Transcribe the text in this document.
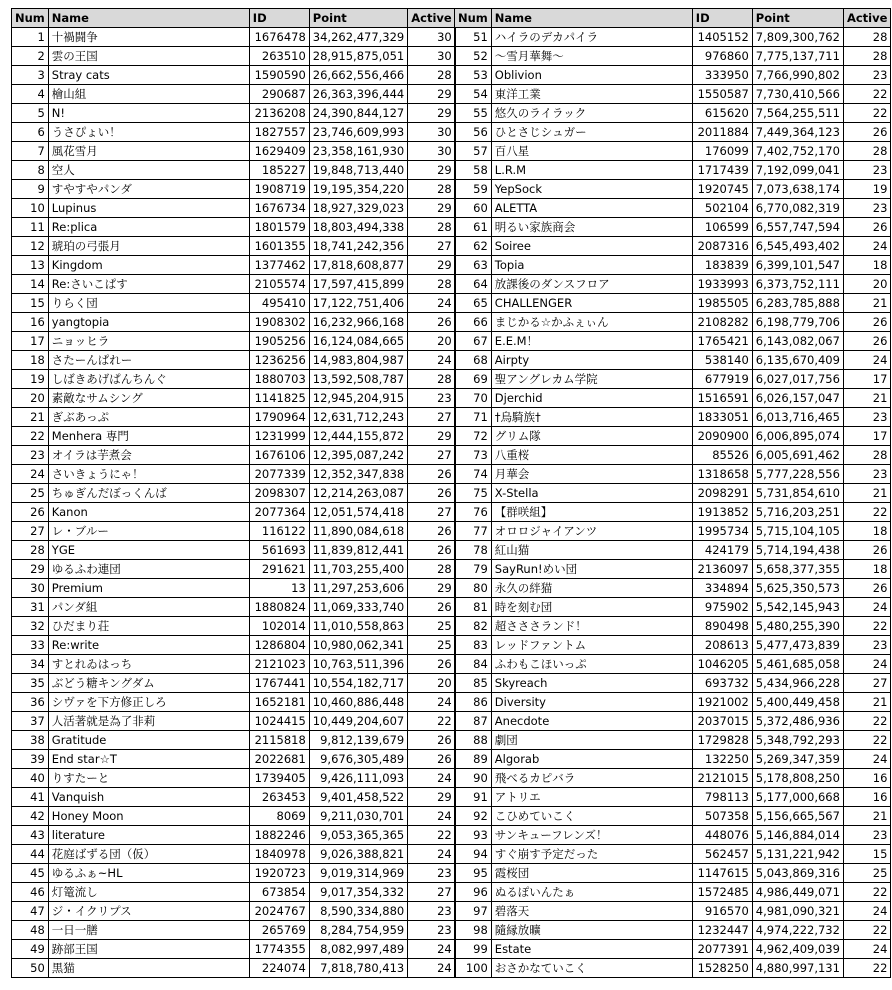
Num	Name	ID	Point	Active
1	十禍闘争	1676478	34,262,477,329	30
2	雲の王国	263510	28,915,875,051	30
3	Stray cats	1590590	26,662,556,466	28
4	檜山組	290687	26,363,396,444	29
5	N!	2136208	24,390,844,127	29
6	うさぴょい！	1827557	23,746,609,993	30
7	風花雪月	1629409	23,358,161,930	30
8	空人	185227	19,848,713,440	29
9	すやすやパンダ	1908719	19,195,354,220	28
10	Lupinus	1676734	18,927,329,023	29
11	Re:plica	1801579	18,803,494,338	28
12	琥珀の弓張月	1601355	18,741,242,356	27
13	Kingdom	1377462	17,818,608,877	29
14	Re:さいこぱす	2105574	17,597,415,899	28
15	りらく団	495410	17,122,751,406	24
16	yangtopia	1908302	16,232,966,168	26
17	ニョッヒラ	1905256	16,124,084,665	20
18	さたーんぱれー	1236256	14,983,804,987	24
19	しばきあげぱんちんぐ	1880703	13,592,508,787	28
20	素敵なサムシング	1141825	12,945,204,915	23
21	ぎぶあっぷ	1790964	12,631,712,243	27
22	Menhera 専門	1231999	12,444,155,872	29
23	オイラは芋煮会	1676106	12,395,087,242	27
24	さいきょうにゃ！	2077339	12,352,347,838	26
25	ちゅぎんだぼっくんば	2098307	12,214,263,087	26
26	Kanon	2077364	12,051,574,418	27
27	レ・ブルー	116122	11,890,084,618	26
28	YGE	561693	11,839,812,441	26
29	ゆるふわ連団	291621	11,703,255,400	28
30	Premium	13	11,297,253,606	29
31	パンダ組	1880824	11,069,333,740	26
32	ひだまり荘	102014	11,010,558,863	25
33	Re:write	1286804	10,980,062,341	25
34	すとれゐはっち	2121023	10,763,511,396	26
35	ぶどう糖キングダム	1767441	10,554,182,717	20
36	シヴァを下方修正しろ	1652181	10,460,886,448	24
37	人活著就是為了非莉	1024415	10,449,204,607	22
38	Gratitude	2115818	9,812,139,679	26
39	End star☆T	2022681	9,676,305,489	26
40	りすたーと	1739405	9,426,111,093	24
41	Vanquish	263453	9,401,458,522	29
42	Honey Moon	8069	9,211,030,701	24
43	literature	1882246	9,053,365,365	22
44	花庭ばずる団（仮）	1840978	9,026,388,821	24
45	ゆるふぁ~HL	1920723	9,019,314,969	23
46	灯篭流し	673854	9,017,354,332	27
47	ジ・イクリプス	2024767	8,590,334,880	23
48	一日一膳	265769	8,284,754,959	23
49	跡部王国	1774355	8,082,997,489	24
50	黒猫	224074	7,818,780,413	24
Num	Name	ID	Point	Active
51	ハイラのデカパイラ	1405152	7,809,300,762	28
52	～雪月華舞～	976860	7,775,137,711	28
53	Oblivion	333950	7,766,990,802	23
54	東洋工業	1550587	7,730,410,566	22
55	悠久のライラック	615620	7,564,255,511	22
56	ひとさじシュガー	2011884	7,449,364,123	26
57	百八星	176099	7,402,752,170	28
58	L.R.M	1717439	7,192,099,041	23
59	YepSock	1920745	7,073,638,174	19
60	ALETTA	502104	6,770,082,319	23
61	明るい家族商会	106599	6,557,747,594	26
62	Soiree	2087316	6,545,493,402	24
63	Topia	183839	6,399,101,547	18
64	放課後のダンスフロア	1933993	6,373,752,111	20
65	CHALLENGER	1985505	6,283,785,888	21
66	まじかる☆かふぇぃん	2108282	6,198,779,706	26
67	E.E.M！	1765421	6,143,082,067	26
68	Airpty	538140	6,135,670,409	24
69	聖アングレカム学院	677919	6,027,017,756	17
70	Djerchid	1516591	6,026,157,047	21
71	†烏騎族†	1833051	6,013,716,465	23
72	グリム隊	2090900	6,006,895,074	17
73	八重桜	85526	6,005,691,462	28
74	月華会	1318658	5,777,228,556	23
75	X-Stella	2098291	5,731,854,610	21
76	【群咲組】	1913852	5,716,203,251	22
77	オロロジャイアンツ	1995734	5,715,104,105	18
78	紅山猫	424179	5,714,194,438	26
79	SayRun!めい団	2136097	5,658,377,355	18
80	永久の絆猫	334894	5,625,350,573	26
81	時を刻む団	975902	5,542,145,943	24
82	超さささランド！	890498	5,480,255,390	22
83	レッドファントム	208613	5,477,473,839	23
84	ふわもこほいっぷ	1046205	5,461,685,058	24
85	Skyreach	693732	5,434,966,228	27
86	Diversity	1921002	5,400,449,458	21
87	Anecdote	2037015	5,372,486,936	22
88	劇団	1729828	5,348,792,293	22
89	Algorab	132250	5,269,347,359	24
90	飛べるカピバラ	2121015	5,178,808,250	16
91	アトリエ	798113	5,177,000,668	16
92	こひめていこく	507358	5,156,665,567	21
93	サンキューフレンズ！	448076	5,146,884,014	23
94	すぐ崩す予定だった	562457	5,131,221,942	15
95	霞桜団	1147615	5,043,869,316	25
96	ぬるぽいんたぁ	1572485	4,986,449,071	22
97	碧落天	916570	4,981,090,321	24
98	隨縁放曠	1232447	4,974,222,732	22
99	Estate	2077391	4,962,409,039	24
100	おさかなていこく	1528250	4,880,997,131	22
